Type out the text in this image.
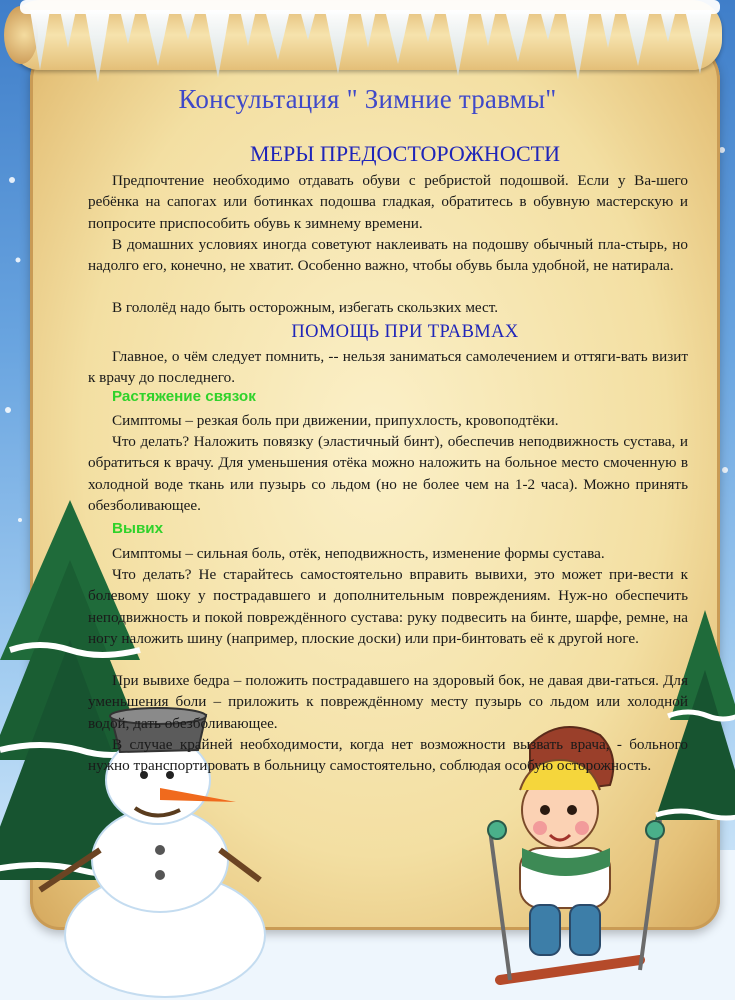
Консультация " Зимние травмы"
МЕРЫ ПРЕДОСТОРОЖНОСТИ

Предпочтение необходимо отдавать обуви с ребристой подошвой. Если у Ва-шего ребёнка на сапогах или ботинках подошва гладкая, обратитесь в обувную мастерскую и попросите приспособить обувь к зимнему времени.

В домашних условиях иногда советуют наклеивать на подошву обычный пла-стырь, но надолго его, конечно, не хватит. Особенно важно, чтобы обувь была удобной, не натирала.

В гололёд надо быть осторожным, избегать скользких мест.

ПОМОЩЬ ПРИ ТРАВМАХ

Главное, о чём следует помнить, -- нельзя заниматься самолечением и оттяги-вать визит к врачу до последнего.

Растяжение связок

Симптомы – резкая боль при движении, припухлость, кровоподтёки.

Что делать? Наложить повязку (эластичный бинт), обеспечив неподвижность сустава, и обратиться к врачу. Для уменьшения отёка можно наложить на больное место смоченную в холодной воде ткань или пузырь со льдом (но не более чем на 1-2 часа). Можно принять обезболивающее.

Вывих

Симптомы – сильная боль, отёк, неподвижность, изменение формы сустава.

Что делать? Не старайтесь самостоятельно вправить вывихи, это может при-вести к болевому шоку у пострадавшего и дополнительным повреждениям. Нуж-но обеспечить неподвижность и покой повреждённого сустава: руку подвесить на бинте, шарфе, ремне, на ногу наложить шину (например, плоские доски) или при-бинтовать её к другой ноге.

При вывихе бедра – положить пострадавшего на здоровый бок, не давая дви-гаться. Для уменьшения боли – приложить к повреждённому месту пузырь со льдом или холодной водой, дать обезболивающее.

В случае крайней необходимости, когда нет возможности вызвать врача, - больного нужно транспортировать в больницу самостоятельно, соблюдая особую осторожность.
